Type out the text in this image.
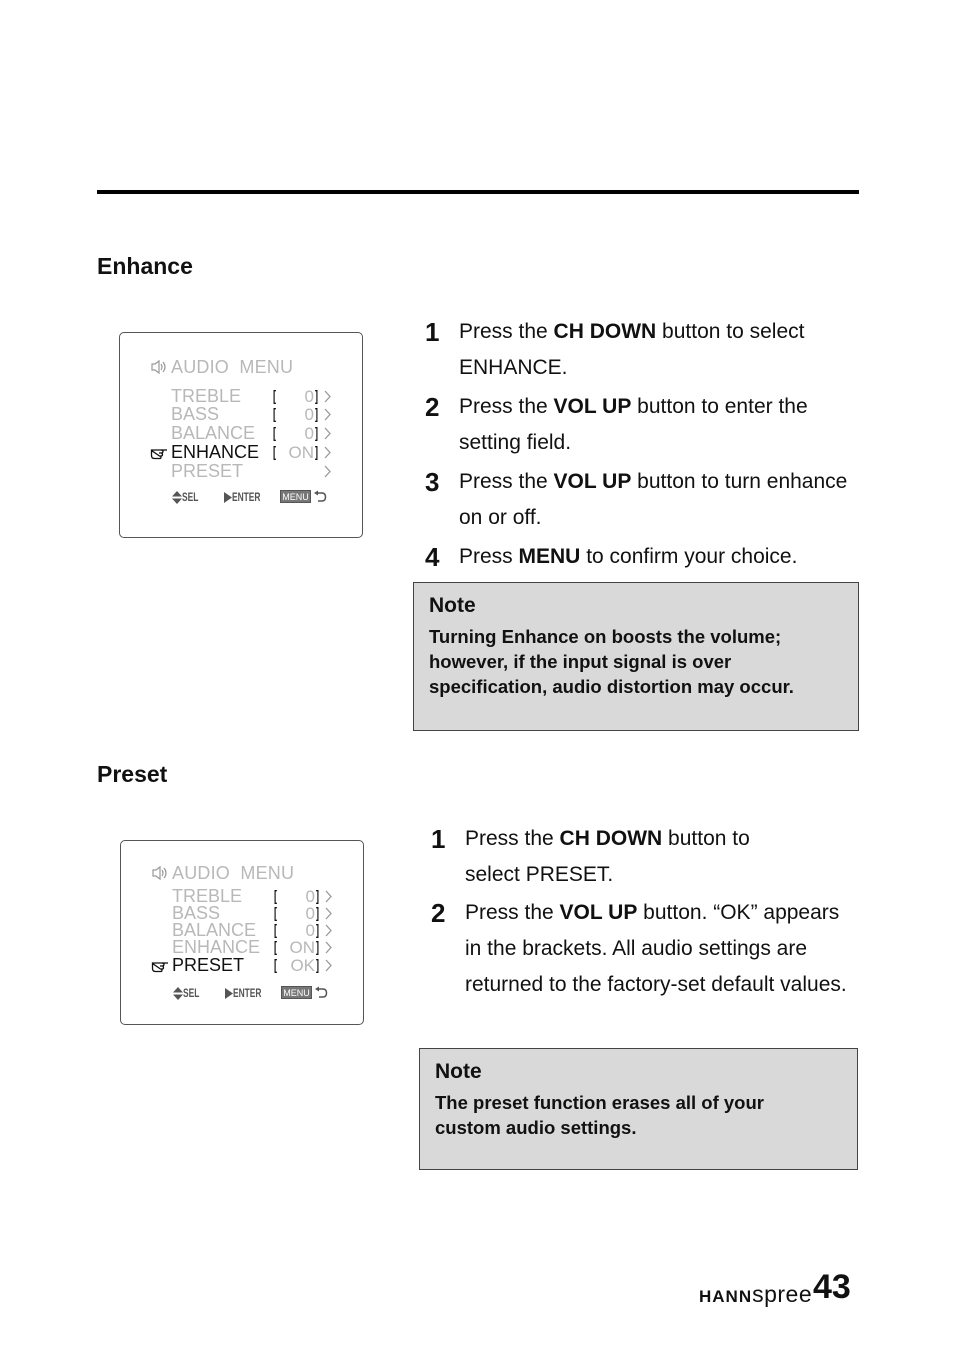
Enhance
AUDIO  MENU
TREBLE [	0 ]
BASS	[	0 ]
BALANCE [	0 ]
ENHANCE [ ON ]
PRESET
SEL	ENTER MENU
1 Press the CH DOWN button to select ENHANCE.
2 Press the VOL UP button to enter the setting field.
3 Press the VOL UP button to turn enhance on or off.
4 Press MENU to confirm your choice.
Note
Turning Enhance on boosts the volume; however, if the input signal is over specification, audio distortion may occur.
Preset
AUDIO  MENU
TREBLE [	0 ]
BASS	[	0 ]
BALANCE [	0 ]
ENHANCE [ ON ]
PRESET [ OK ]
SEL	ENTER MENU
1 Press the CH DOWN button to select PRESET.
2 Press the VOL UP button. “OK” appears in the brackets. All audio settings are returned to the factory-set default values.
Note
The preset function erases all of your custom audio settings.
HANNspree 43
